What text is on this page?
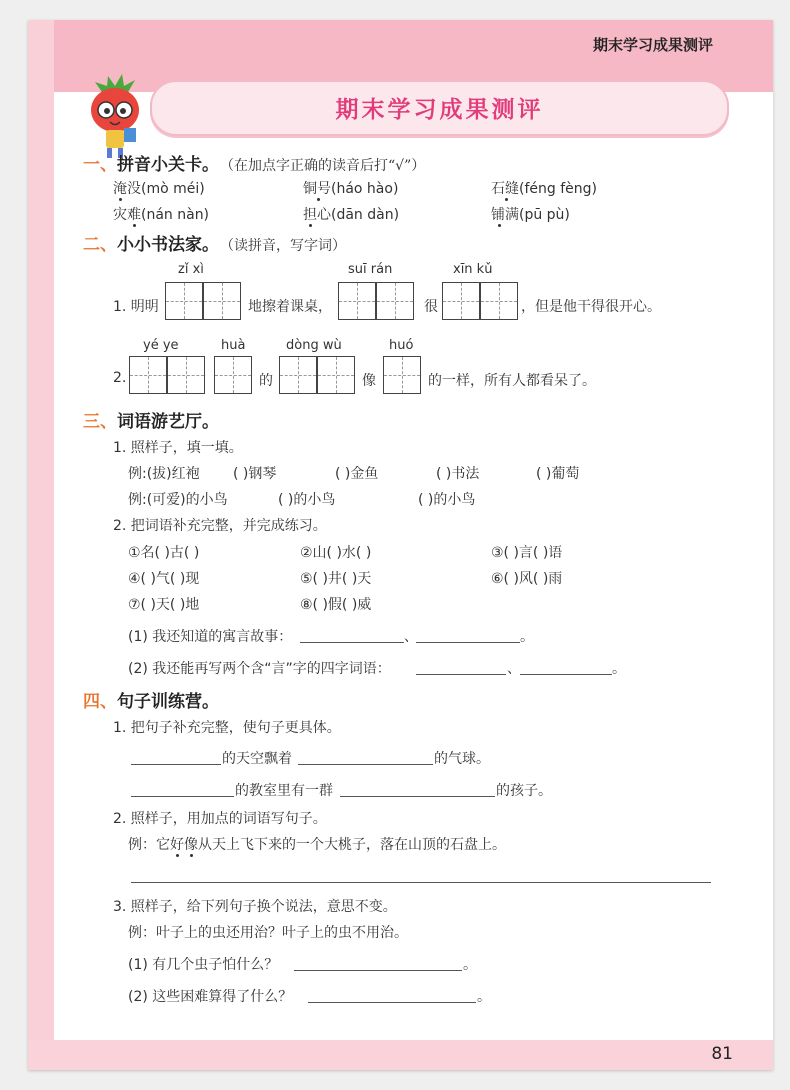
期末学习成果测评
81
期末学习成果测评
一、拼音小关卡。 （在加点字正确的读音后打“√”）
淹没(mò méi)	铜号(háo hào)	石缝(féng fèng)
灾难(nán nàn)	担心(dān dàn)	铺满(pū pù)
二、小小书法家。 （读拼音，写字词）
zǐ xì	suī rán	xīn kǔ
1. 明明	地擦着课桌，	很	，但是他干得很开心。
yé ye	huà	dòng wù	huó
2.	的	像	的一样，所有人都看呆了。
三、词语游艺厅。
1. 照样子，填一填。
例:(拔)红袍 ( )钢琴	( )金鱼	( )书法	( )葡萄
例:(可爱)的小鸟	( )的小鸟	( )的小鸟
2. 把词语补充完整，并完成练习。
①名( )古( )	②山( )水( )	③( )言( )语
④( )气( )现	⑤( )井( )天	⑥( )风( )雨
⑦( )天( )地	⑧( )假( )威
(1) 我还知道的寓言故事：	、	。
(2) 我还能再写两个含“言”字的四字词语：	、	。
四、句子训练营。
1. 把句子补充完整，使句子更具体。
的天空飘着	的气球。
的教室里有一群	的孩子。
2. 照样子，用加点的词语写句子。
例：它好像从天上飞下来的一个大桃子，落在山顶的石盘上。
3. 照样子，给下列句子换个说法，意思不变。
例：叶子上的虫还用治？叶子上的虫不用治。
(1) 有几个虫子怕什么？	。
(2) 这些困难算得了什么？	。
